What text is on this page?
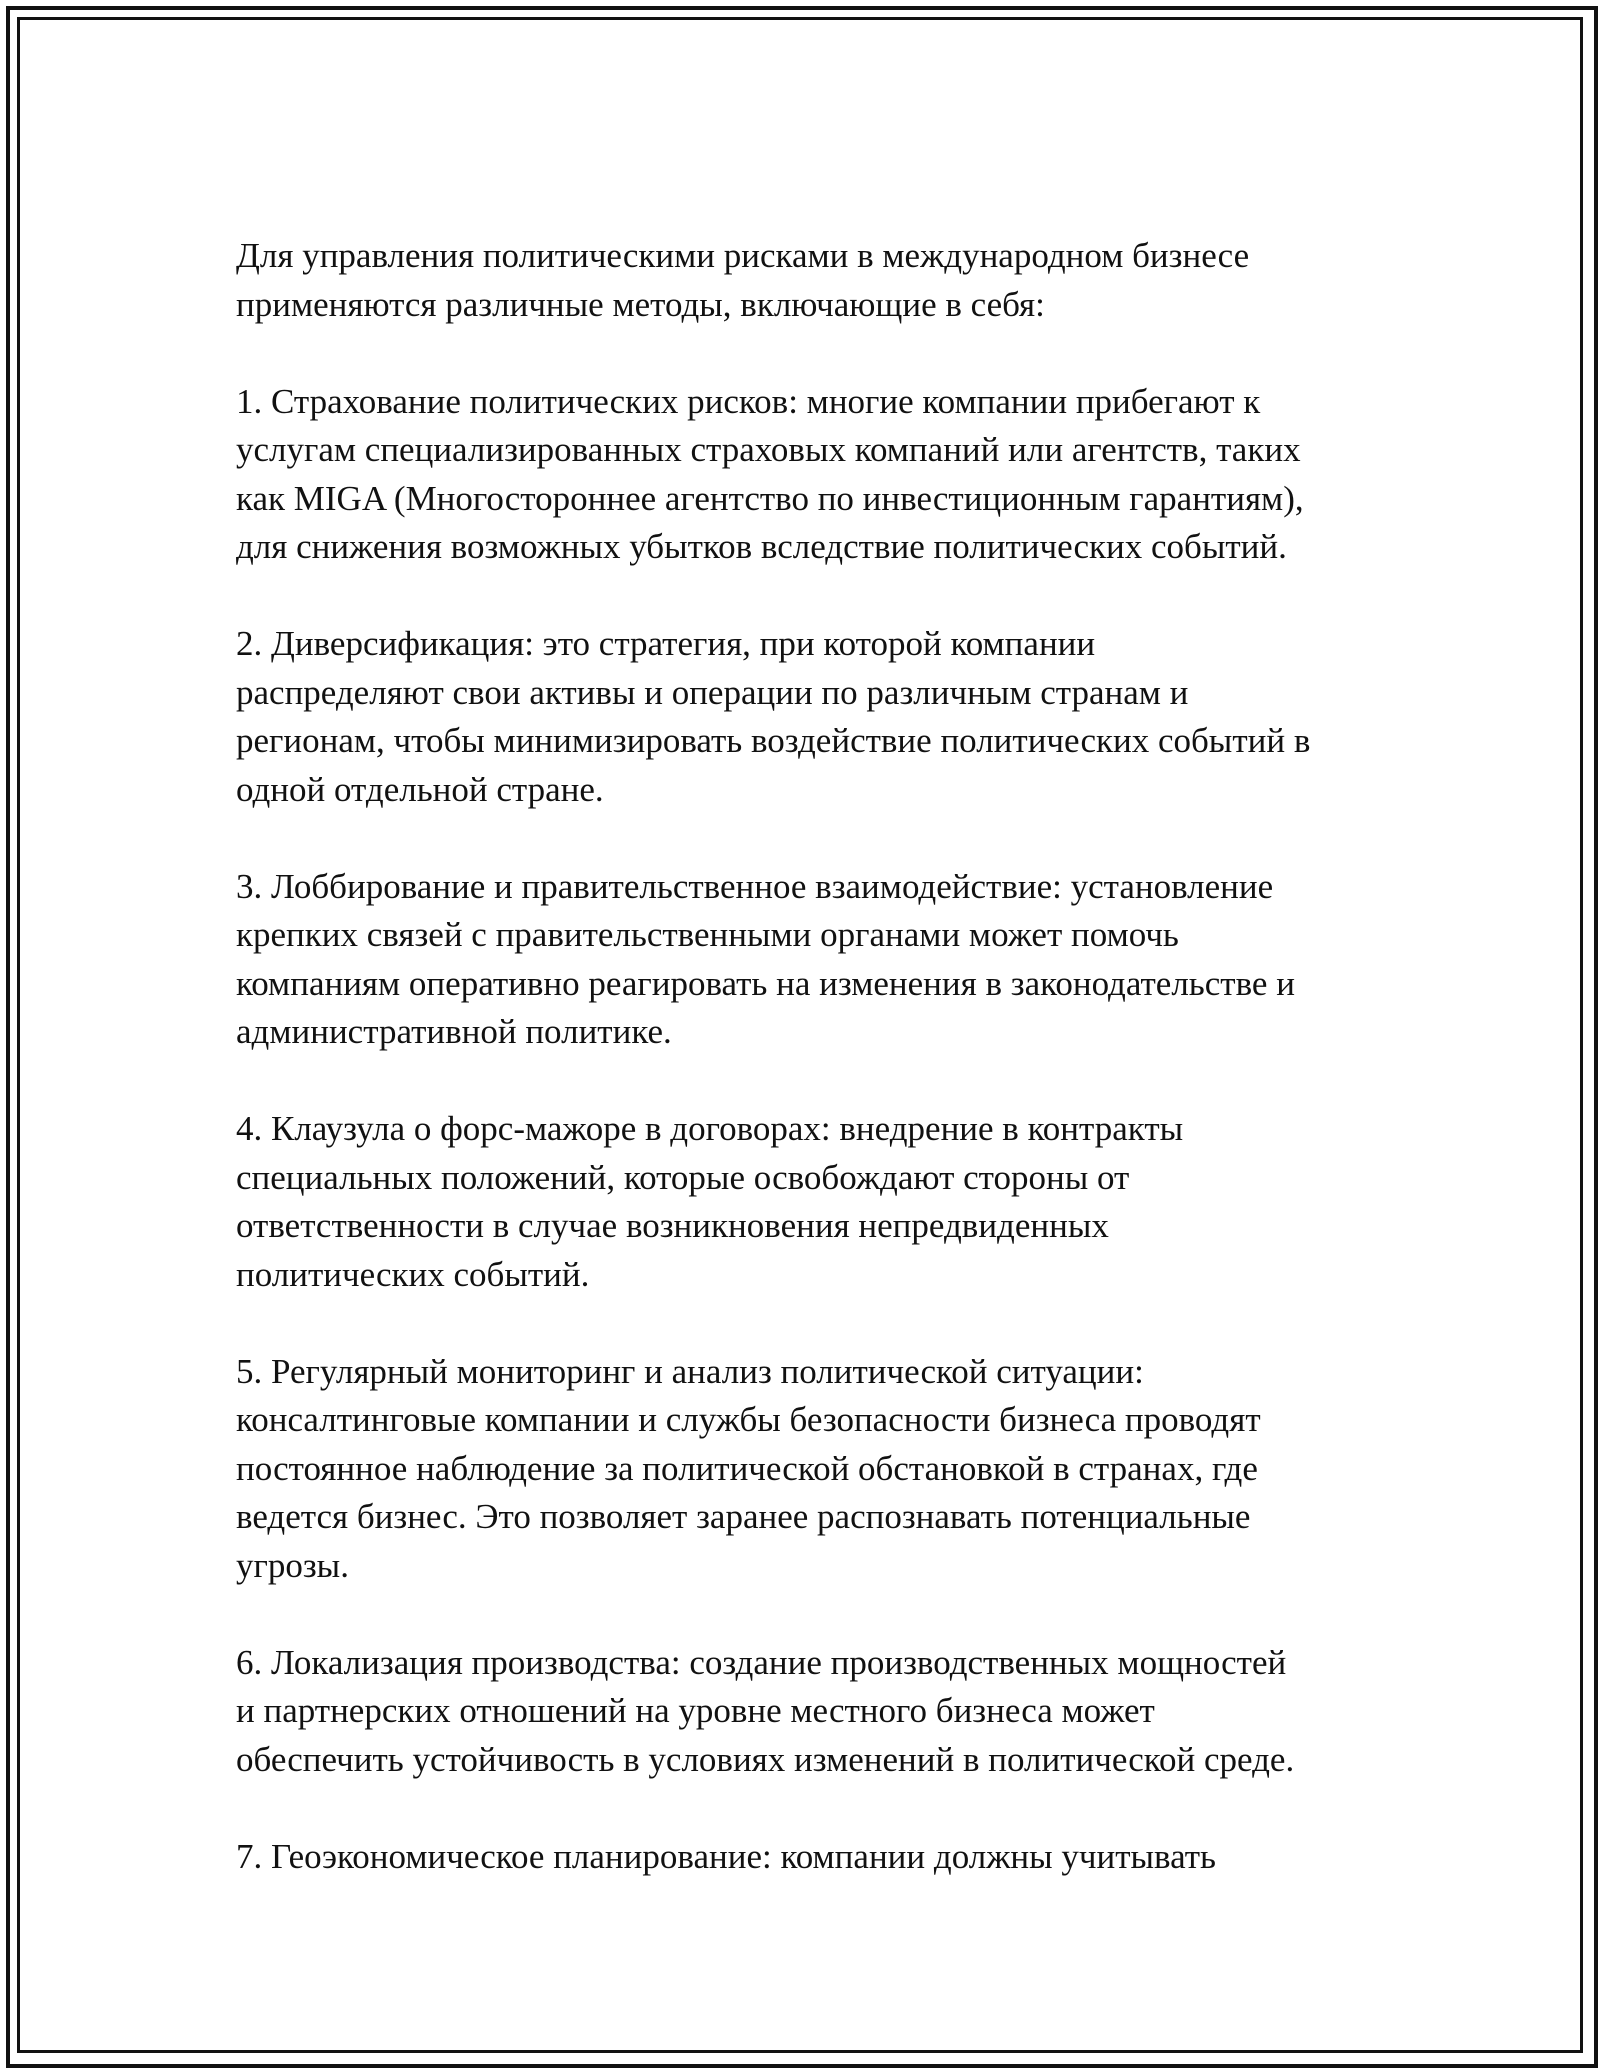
Для управления политическими рисками в международном бизнесе
применяются различные методы, включающие в себя:

1. Страхование политических рисков: многие компании прибегают к
услугам специализированных страховых компаний или агентств, таких
как MIGA (Многостороннее агентство по инвестиционным гарантиям),
для снижения возможных убытков вследствие политических событий.

2. Диверсификация: это стратегия, при которой компании
распределяют свои активы и операции по различным странам и
регионам, чтобы минимизировать воздействие политических событий в
одной отдельной стране.

3. Лоббирование и правительственное взаимодействие: установление
крепких связей с правительственными органами может помочь
компаниям оперативно реагировать на изменения в законодательстве и
административной политике.

4. Клаузула о форс-мажоре в договорах: внедрение в контракты
специальных положений, которые освобождают стороны от
ответственности в случае возникновения непредвиденных
политических событий.

5. Регулярный мониторинг и анализ политической ситуации:
консалтинговые компании и службы безопасности бизнеса проводят
постоянное наблюдение за политической обстановкой в странах, где
ведется бизнес. Это позволяет заранее распознавать потенциальные
угрозы.

6. Локализация производства: создание производственных мощностей
и партнерских отношений на уровне местного бизнеса может
обеспечить устойчивость в условиях изменений в политической среде.

7. Геоэкономическое планирование: компании должны учитывать
